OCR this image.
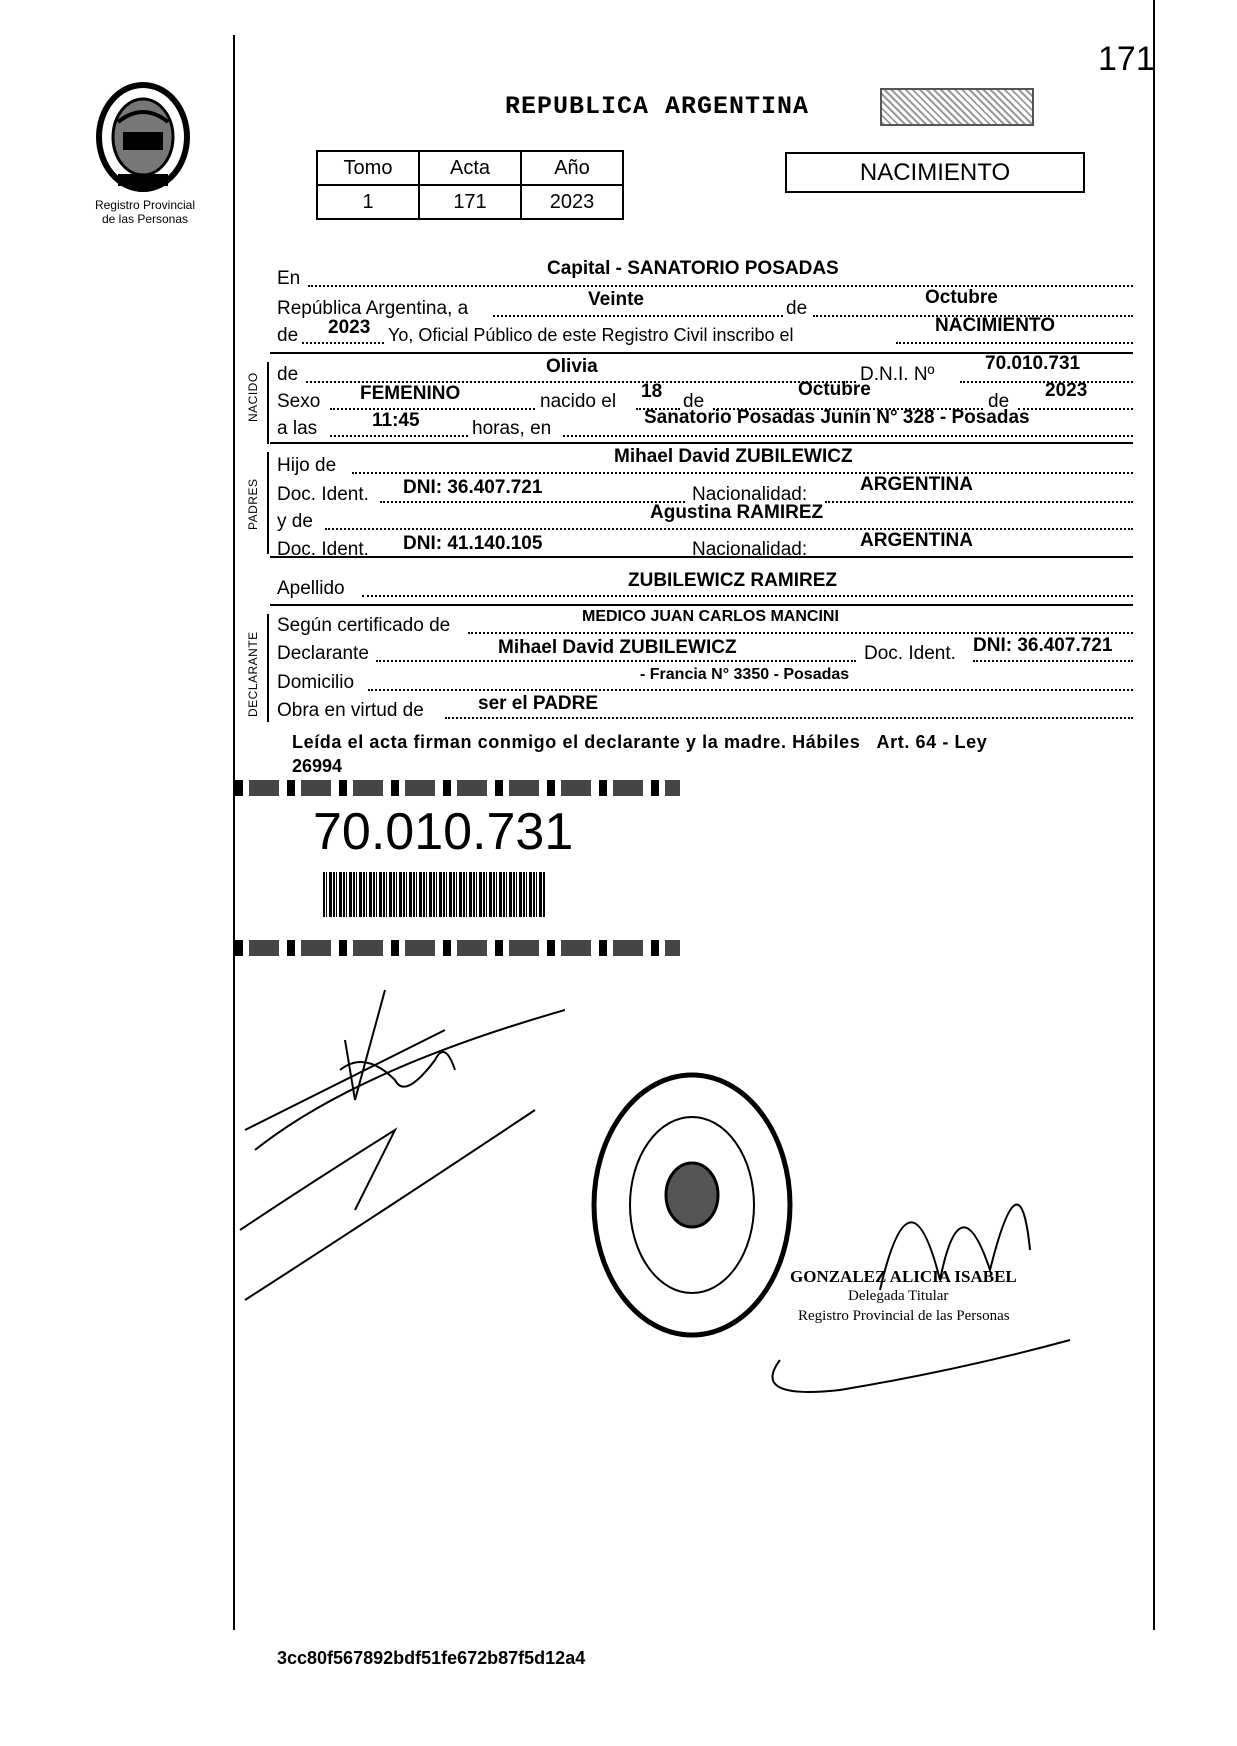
171
Registro Provincial
de las Personas
REPUBLICA ARGENTINA
Tomo	Acta	Año
1	171	2023
NACIMIENTO
En	Capital - SANATORIO POSADAS
República Argentina, a	Veinte	de
Octubre
de 2023 Yo, Oficial Público de este Registro Civil inscribo el	NACIMIENTO
NACIDO de	Olivia	D.N.I. Nº
70.010.731
Sexo FEMENINO	nacido el 18 de
Octubre
de
2023
a las	11:45	horas, en
Sanatorio Posadas Junín N° 328 - Posadas
PADRES
Hijo de	Mihael David ZUBILEWICZ
Doc. Ident. DNI: 36.407.721	Nacionalidad:	ARGENTINA
y de	Agustina RAMIREZ
Doc. Ident. DNI: 41.140.105	Nacionalidad:	ARGENTINA
Apellido	ZUBILEWICZ RAMIREZ
DECLARANTE
Según certificado de	MEDICO JUAN CARLOS MANCINI
Declarante	Mihael David ZUBILEWICZ	Doc. Ident. DNI: 36.407.721
Domicilio	- Francia N° 3350 - Posadas
Obra en virtud de	ser el PADRE
Leída el acta firman conmigo el declarante y la madre. Hábiles   Art. 64 - Ley
26994
70.010.731
GONZALEZ ALICIA ISABEL
Delegada Titular
Registro Provincial de las Personas
3cc80f567892bdf51fe672b87f5d12a4
